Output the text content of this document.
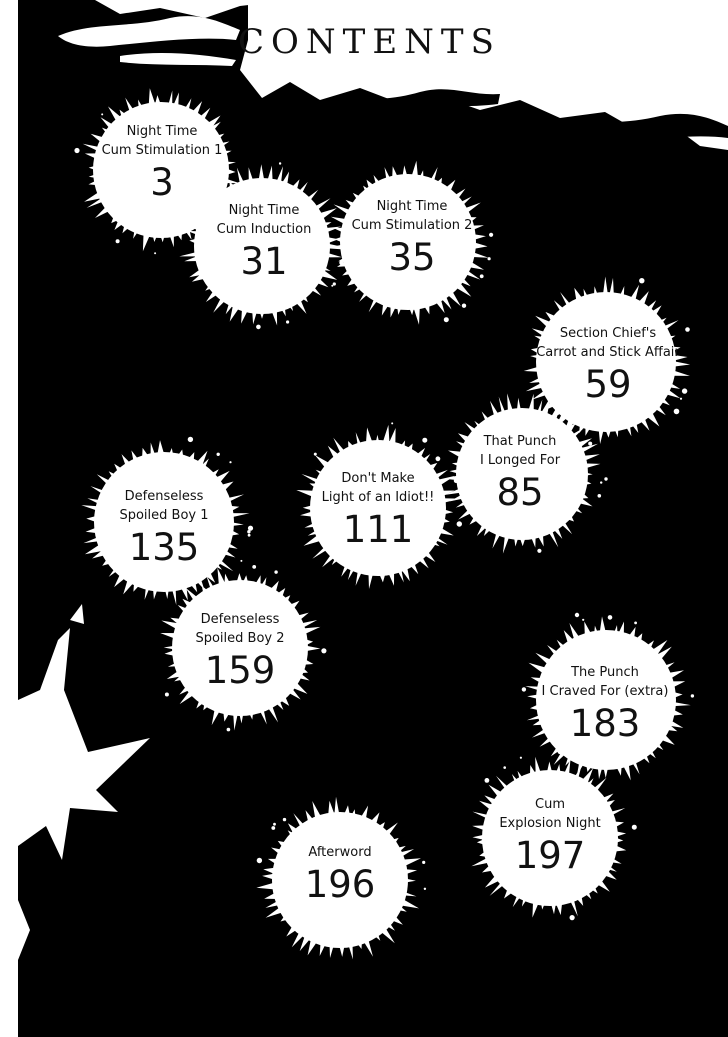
CONTENTS
Night Time
Cum Stimulation 1
3
Night Time
Cum Induction
31
Night Time
Cum Stimulation 2
35
Section Chief's
Carrot and Stick Affair
59
That Punch
I Longed For
85
Don't Make
Light of an Idiot!!
111
Defenseless
Spoiled Boy 1
135
Defenseless
Spoiled Boy 2
159	The Punch
I Craved For (extra)
183
Cum
Explosion Night
197
Afterword
196
